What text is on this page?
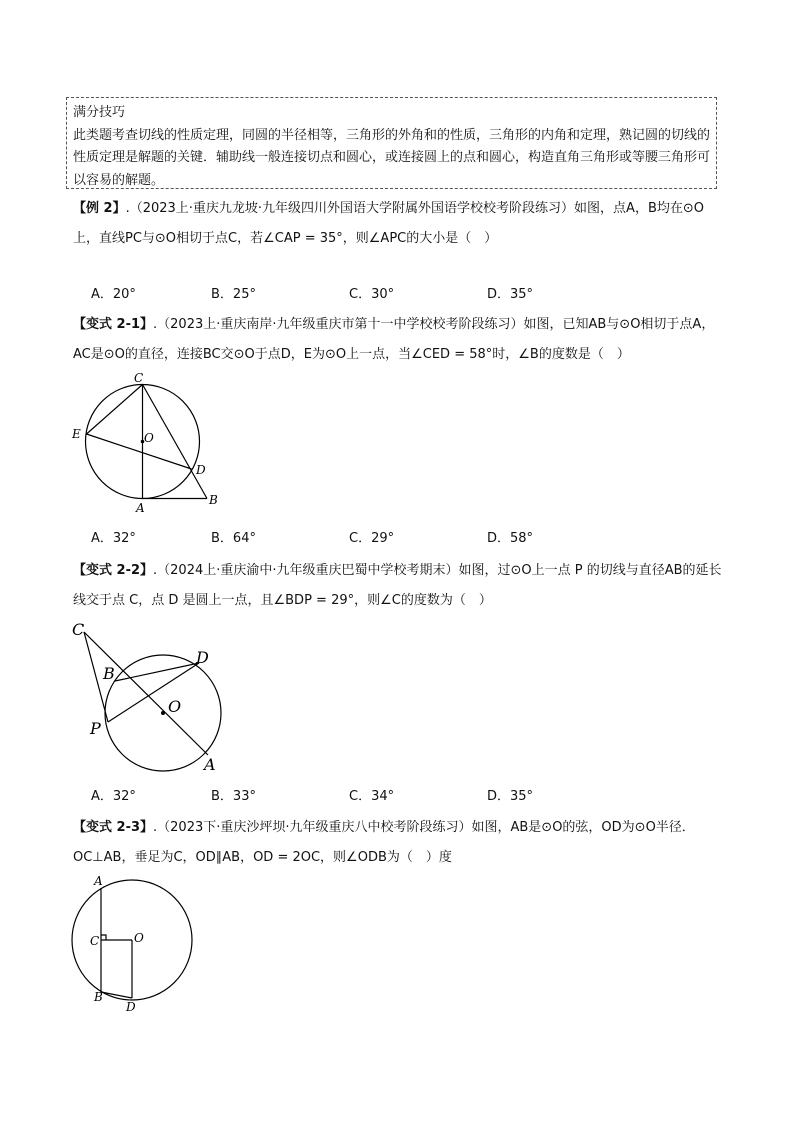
满分技巧
此类题考查切线的性质定理，同圆的半径相等，三角形的外角和的性质，三角形的内角和定理，熟记圆的切线的性质定理是解题的关键．辅助线一般连接切点和圆心，或连接圆上的点和圆心，构造直角三角形或等腰三角形可以容易的解题。
【例 2】.（2023上·重庆九龙坡·九年级四川外国语大学附属外国语学校校考阶段练习）如图，点A，B均在⊙O上，直线PC与⊙O相切于点C，若∠CAP = 35°，则∠APC的大小是（　）
A．20°	B．25°	C．30°	D．35°
【变式 2-1】.（2023上·重庆南岸·九年级重庆市第十一中学校校考阶段练习）如图，已知AB与⊙O相切于点A，AC是⊙O的直径，连接BC交⊙O于点D，E为⊙O上一点，当∠CED = 58°时，∠B的度数是（　）
C
E	O
D
A
B
A．32°	B．64°	C．29°	D．58°
【变式 2-2】.（2024上·重庆渝中·九年级重庆巴蜀中学校考期末）如图，过⊙O上一点 P 的切线与直径AB的延长线交于点 C，点 D 是圆上一点，且∠BDP = 29°，则∠C的度数为（　）
C
D
B
O
P
A
A．32°	B．33°	C．34°	D．35°
【变式 2-3】.（2023下·重庆沙坪坝·九年级重庆八中校考阶段练习）如图，AB是⊙O的弦，OD为⊙O半径．OC⊥AB，垂足为C，OD∥AB，OD = 2OC，则∠ODB为（　）度
A
C	O
B
D
